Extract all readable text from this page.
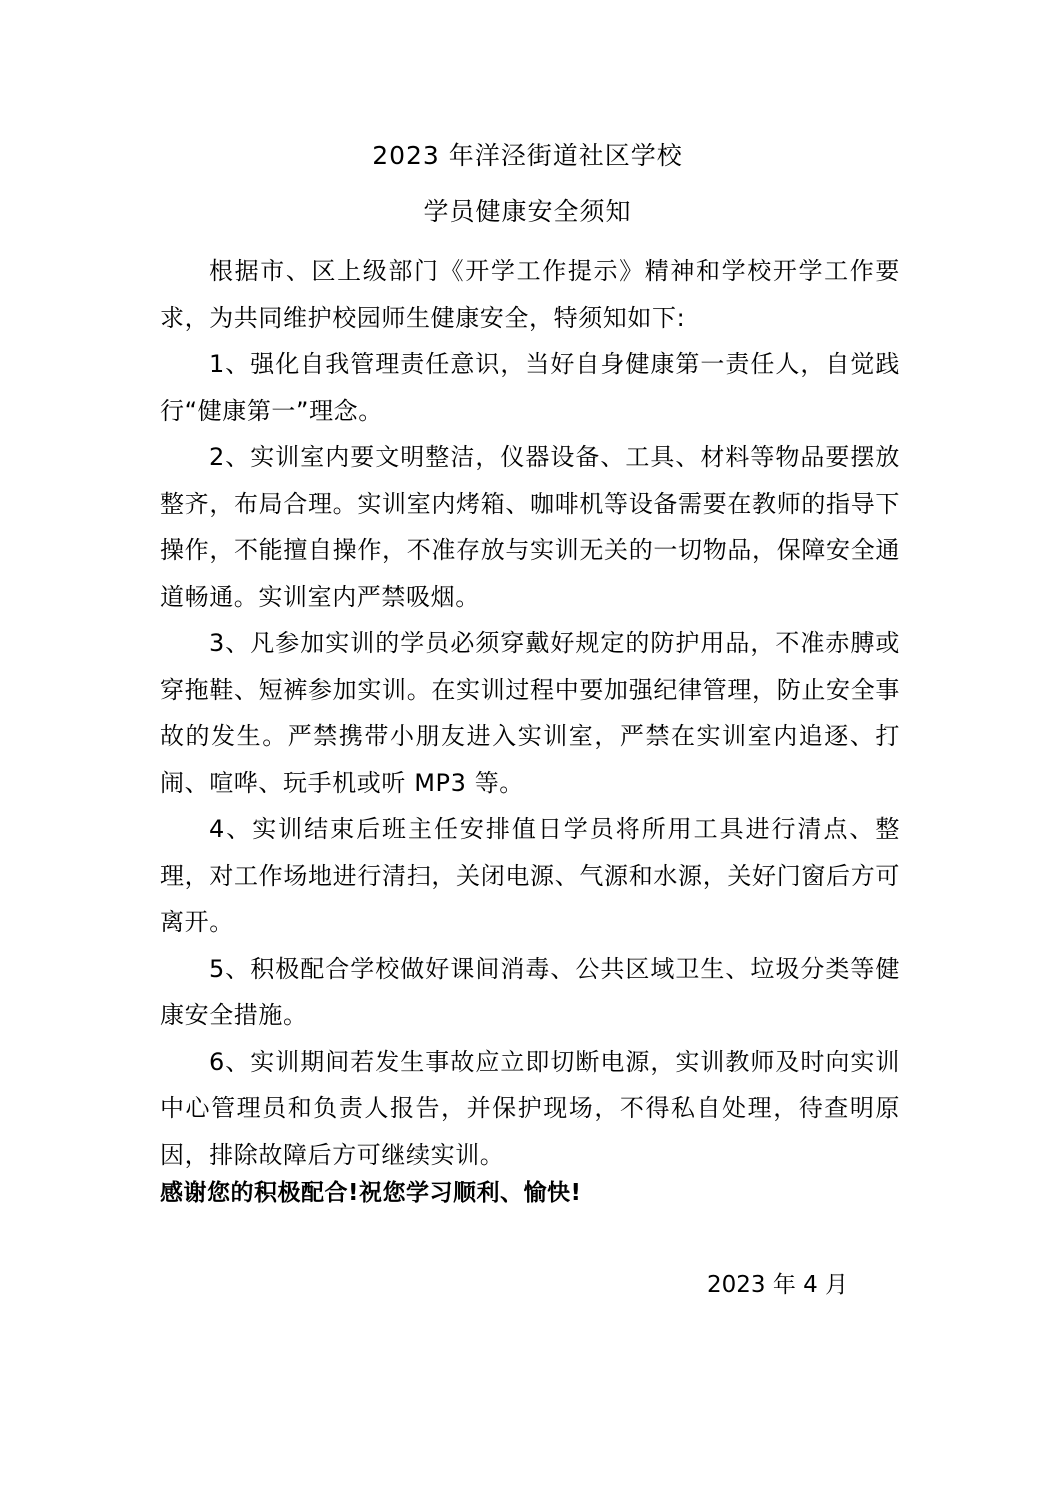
2023 年洋泾街道社区学校
学员健康安全须知

根据市、区上级部门《开学工作提示》精神和学校开学工作要求，为共同维护校园师生健康安全，特须知如下:

1、强化自我管理责任意识，当好自身健康第一责任人，自觉践行“健康第一”理念。

2、实训室内要文明整洁，仪器设备、工具、材料等物品要摆放整齐，布局合理。实训室内烤箱、咖啡机等设备需要在教师的指导下操作，不能擅自操作，不准存放与实训无关的一切物品，保障安全通道畅通。实训室内严禁吸烟。

3、凡参加实训的学员必须穿戴好规定的防护用品，不准赤膊或穿拖鞋、短裤参加实训。在实训过程中要加强纪律管理，防止安全事故的发生。严禁携带小朋友进入实训室，严禁在实训室内追逐、打闹、喧哗、玩手机或听 MP3 等。

4、实训结束后班主任安排值日学员将所用工具进行清点、整理，对工作场地进行清扫，关闭电源、气源和水源，关好门窗后方可离开。

5、积极配合学校做好课间消毒、公共区域卫生、垃圾分类等健康安全措施。

6、实训期间若发生事故应立即切断电源，实训教师及时向实训中心管理员和负责人报告，并保护现场，不得私自处理，待查明原因，排除故障后方可继续实训。

感谢您的积极配合!祝您学习顺利、愉快!

2023 年 4 月
